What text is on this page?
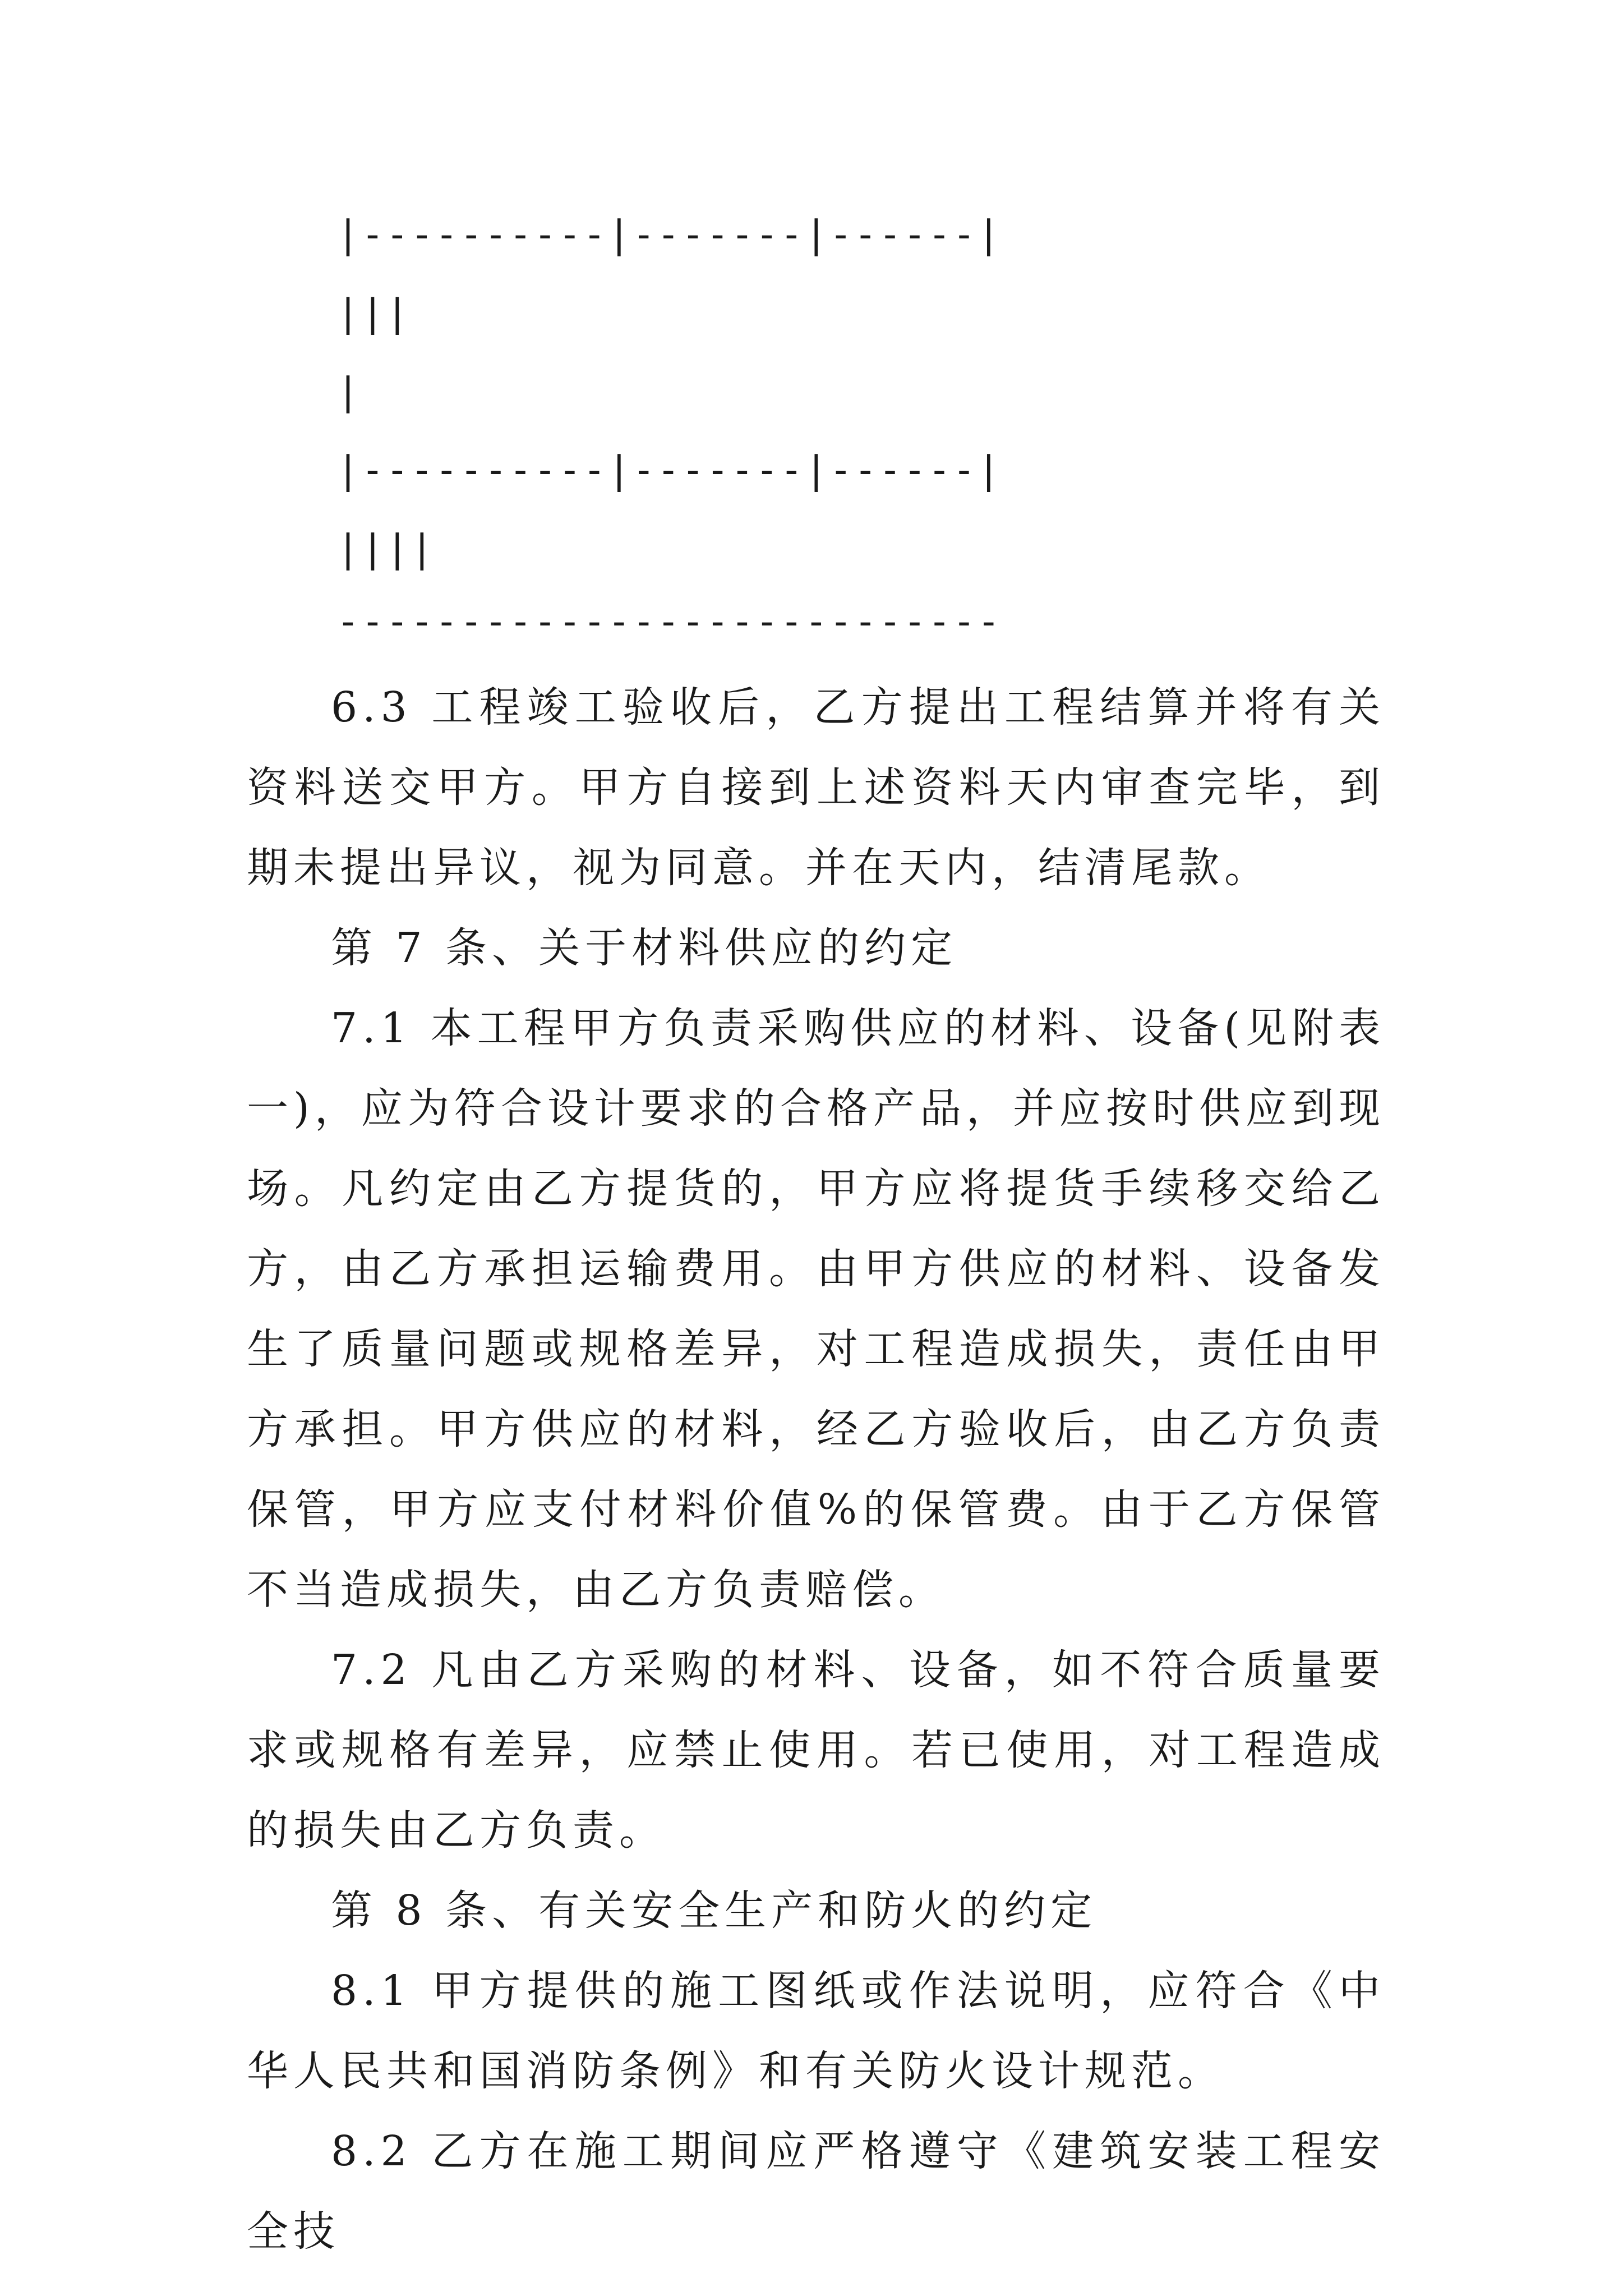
|----------|-------|------|
|||
|
|----------|-------|------|
||||
---------------------------

6.3 工程竣工验收后，乙方提出工程结算并将有关资料送交甲方。甲方自接到上述资料天内审查完毕，到期未提出异议，视为同意。并在天内，结清尾款。

第 7 条、关于材料供应的约定

7.1 本工程甲方负责采购供应的材料、设备(见附表一)，应为符合设计要求的合格产品，并应按时供应到现场。凡约定由乙方提货的，甲方应将提货手续移交给乙方，由乙方承担运输费用。由甲方供应的材料、设备发生了质量问题或规格差异，对工程造成损失，责任由甲方承担。甲方供应的材料，经乙方验收后，由乙方负责保管，甲方应支付材料价值%的保管费。由于乙方保管不当造成损失，由乙方负责赔偿。

7.2 凡由乙方采购的材料、设备，如不符合质量要求或规格有差异，应禁止使用。若已使用，对工程造成的损失由乙方负责。

第 8 条、有关安全生产和防火的约定

8.1 甲方提供的施工图纸或作法说明，应符合《中华人民共和国消防条例》和有关防火设计规范。

8.2 乙方在施工期间应严格遵守《建筑安装工程安全技
